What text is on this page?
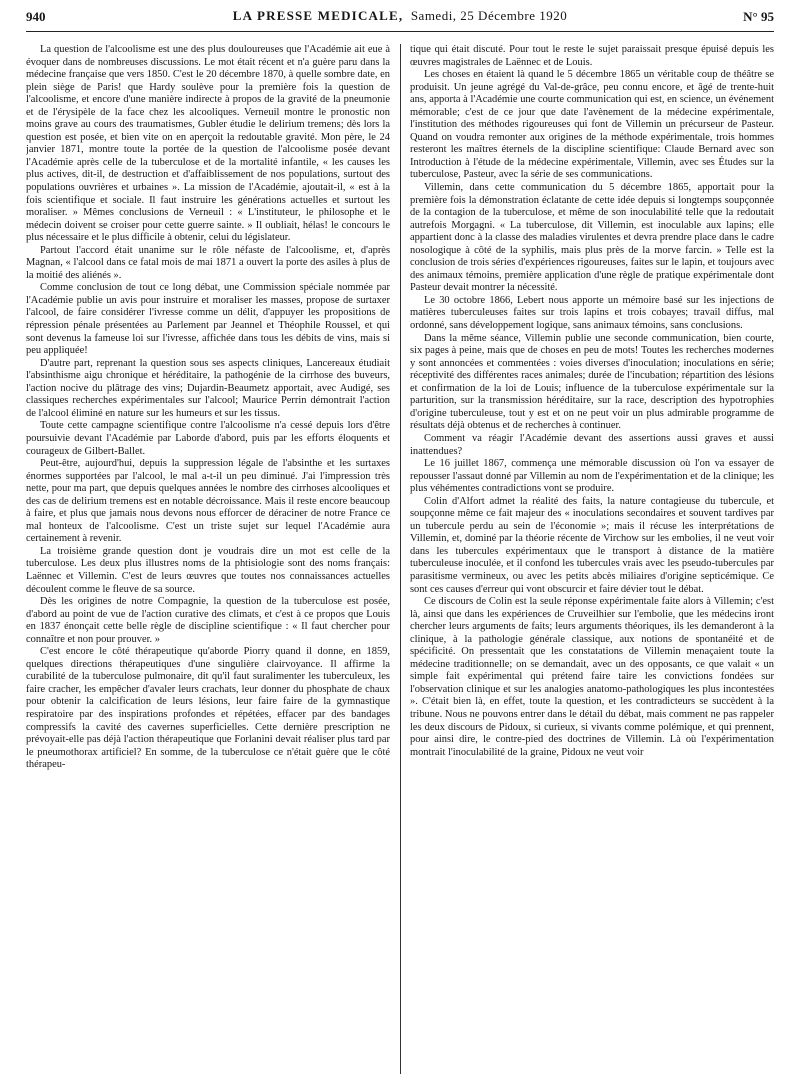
940	LA PRESSE MEDICALE, Samedi, 25 Décembre 1920	N° 95

La question de l'alcoolisme est une des plus douloureuses que l'Académie ait eue à évoquer dans de nombreuses discussions. Le mot était récent et n'a guère paru dans la médecine française que vers 1850. C'est le 20 décembre 1870, à quelle sombre date, en plein siège de Paris! que Hardy soulève pour la première fois la question de l'alcoolisme, et encore d'une manière indirecte à propos de la gravité de la pneumonie et de l'érysipèle de la face chez les alcooliques. Verneuil montre le pronostic non moins grave au cours des traumatismes, Gubler étudie le delirium tremens; dès lors la question est posée, et bien vite on en aperçoit la redoutable gravité. Mon père, le 24 janvier 1871, montre toute la portée de la question de l'alcoolisme posée devant l'Académie après celle de la tuberculose et de la mortalité infantile, « les causes les plus actives, dit-il, de destruction et d'affaiblissement de nos populations, surtout des populations ouvrières et urbaines ». La mission de l'Académie, ajoutait-il, « est à la fois scientifique et sociale. Il faut instruire les générations actuelles et surtout les moraliser. » Mêmes conclusions de Verneuil : « L'instituteur, le philosophe et le médecin doivent se croiser pour cette guerre sainte. » Il oubliait, hélas! le concours le plus nécessaire et le plus difficile à obtenir, celui du législateur.

Partout l'accord était unanime sur le rôle néfaste de l'alcoolisme, et, d'après Magnan, « l'alcool dans ce fatal mois de mai 1871 a ouvert la porte des asiles à plus de la moitié des aliénés ».

Comme conclusion de tout ce long débat, une Commission spéciale nommée par l'Académie publie un avis pour instruire et moraliser les masses, propose de surtaxer l'alcool, de faire considérer l'ivresse comme un délit, d'appuyer les propositions de répression pénale présentées au Parlement par Jeannel et Théophile Roussel, et qui sont devenus la fameuse loi sur l'ivresse, affichée dans tous les débits de vins, mais si peu appliquée!

D'autre part, reprenant la question sous ses aspects cliniques, Lancereaux étudiait l'absinthisme aigu chronique et héréditaire, la pathogénie de la cirrhose des buveurs, l'action nocive du plâtrage des vins; Dujardin-Beaumetz apportait, avec Audigé, ses classiques recherches expérimentales sur l'alcool; Maurice Perrin démontrait l'action de l'alcool éliminé en nature sur les humeurs et sur les tissus.

Toute cette campagne scientifique contre l'alcoolisme n'a cessé depuis lors d'être poursuivie devant l'Académie par Laborde d'abord, puis par les efforts éloquents et courageux de Gilbert-Ballet.

Peut-être, aujourd'hui, depuis la suppression légale de l'absinthe et les surtaxes énormes supportées par l'alcool, le mal a-t-il un peu diminué. J'ai l'impression très nette, pour ma part, que depuis quelques années le nombre des cirrhoses alcooliques et des cas de delirium tremens est en notable décroissance. Mais il reste encore beaucoup à faire, et plus que jamais nous devons nous efforcer de déraciner de notre France ce mal honteux de l'alcoolisme. C'est un triste sujet sur lequel l'Académie aura certainement à revenir.

La troisième grande question dont je voudrais dire un mot est celle de la tuberculose. Les deux plus illustres noms de la phtisiologie sont des noms français: Laënnec et Villemin. C'est de leurs œuvres que toutes nos connaissances actuelles découlent comme le fleuve de sa source.

Dès les origines de notre Compagnie, la question de la tuberculose est posée, d'abord au point de vue de l'action curative des climats, et c'est à ce propos que Louis en 1837 énonçait cette belle règle de discipline scientifique : « Il faut chercher pour connaître et non pour prouver. »

C'est encore le côté thérapeutique qu'aborde Piorry quand il donne, en 1859, quelques directions thérapeutiques d'une singulière clairvoyance. Il affirme la curabilité de la tuberculose pulmonaire, dit qu'il faut suralimenter les tuberculeux, les faire cracher, les empêcher d'avaler leurs crachats, leur donner du phosphate de chaux pour obtenir la calcification de leurs lésions, leur faire faire de la gymnastique respiratoire par des inspirations profondes et répétées, effacer par des bandages compressifs la cavité des cavernes superficielles. Cette dernière prescription ne prévoyait-elle pas déjà l'action thérapeutique que Forlanini devait réaliser plus tard par le pneumothorax artificiel? En somme, de la tuberculose ce n'était guère que le côté thérapeu-

tique qui était discuté. Pour tout le reste le sujet paraissait presque épuisé depuis les œuvres magistrales de Laënnec et de Louis.

Les choses en étaient là quand le 5 décembre 1865 un véritable coup de théâtre se produisit. Un jeune agrégé du Val-de-grâce, peu connu encore, et âgé de trente-huit ans, apporta à l'Académie une courte communication qui est, en science, un événement mémorable; c'est de ce jour que date l'avènement de la médecine expérimentale, l'institution des méthodes rigoureuses qui font de Villemin un précurseur de Pasteur. Quand on voudra remonter aux origines de la méthode expérimentale, trois hommes resteront les maîtres éternels de la discipline scientifique: Claude Bernard avec son Introduction à l'étude de la médecine expérimentale, Villemin, avec ses Études sur la tuberculose, Pasteur, avec la série de ses communications.

Villemin, dans cette communication du 5 décembre 1865, apportait pour la première fois la démonstration éclatante de cette idée depuis si longtemps soupçonnée de la contagion de la tuberculose, et même de son inoculabilité telle que la redoutait autrefois Morgagni. « La tuberculose, dit Villemin, est inoculable aux lapins; elle appartient donc à la classe des maladies virulentes et devra prendre place dans le cadre nosologique à côté de la syphilis, mais plus près de la morve farcin. » Telle est la conclusion de trois séries d'expériences rigoureuses, faites sur le lapin, et toujours avec des animaux témoins, première application d'une règle de pratique expérimentale dont Pasteur devait montrer la nécessité.

Le 30 octobre 1866, Lebert nous apporte un mémoire basé sur les injections de matières tuberculeuses faites sur trois lapins et trois cobayes; travail diffus, mal ordonné, sans développement logique, sans animaux témoins, sans conclusions.

Dans la même séance, Villemin publie une seconde communication, bien courte, six pages à peine, mais que de choses en peu de mots! Toutes les recherches modernes y sont annoncées et commentées : voies diverses d'inoculation; inoculations en série; réceptivité des différentes races animales; durée de l'incubation; répartition des lésions et confirmation de la loi de Louis; influence de la tuberculose expérimentale sur la parturition, sur la transmission héréditaire, sur la race, description des hypotrophies d'origine tuberculeuse, tout y est et on ne peut voir un plus admirable programme de résultats déjà obtenus et de recherches à continuer.

Comment va réagir l'Académie devant des assertions aussi graves et aussi inattendues?

Le 16 juillet 1867, commença une mémorable discussion où l'on va essayer de repousser l'assaut donné par Villemin au nom de l'expérimentation et de la clinique; les plus véhémentes contradictions vont se produire.

Colin d'Alfort admet la réalité des faits, la nature contagieuse du tubercule, et soupçonne même ce fait majeur des « inoculations secondaires et souvent tardives par un tubercule perdu au sein de l'économie »; mais il récuse les interprétations de Villemin, et, dominé par la théorie récente de Virchow sur les embolies, il ne veut voir dans les tubercules expérimentaux que le transport à distance de la matière tuberculeuse inoculée, et il confond les tubercules vrais avec les pseudo-tubercules par parasitisme vermineux, ou avec les petits abcès miliaires d'origine septicémique. Ce sont ces causes d'erreur qui vont obscurcir et faire dévier tout le débat.

Ce discours de Colin est la seule réponse expérimentale faite alors à Villemin; c'est là, ainsi que dans les expériences de Cruveilhier sur l'embolie, que les médecins iront chercher leurs arguments de faits; leurs arguments théoriques, ils les demanderont à la clinique, à la pathologie générale classique, aux notions de spontanéité et de spécificité. On pressentait que les constatations de Villemin menaçaient toute la médecine traditionnelle; on se demandait, avec un des opposants, ce que valait « un simple fait expérimental qui prétend faire taire les convictions fondées sur l'observation clinique et sur les analogies anatomo-pathologiques les plus incontestées ». C'était bien là, en effet, toute la question, et les contradicteurs se succèdent à la tribune. Nous ne pouvons entrer dans le détail du débat, mais comment ne pas rappeler les deux discours de Pidoux, si curieux, si vivants comme polémique, et qui prennent, pour ainsi dire, le contre-pied des doctrines de Villemin. Là où l'expérimentation montrait l'inoculabilité de la graine, Pidoux ne veut voir
